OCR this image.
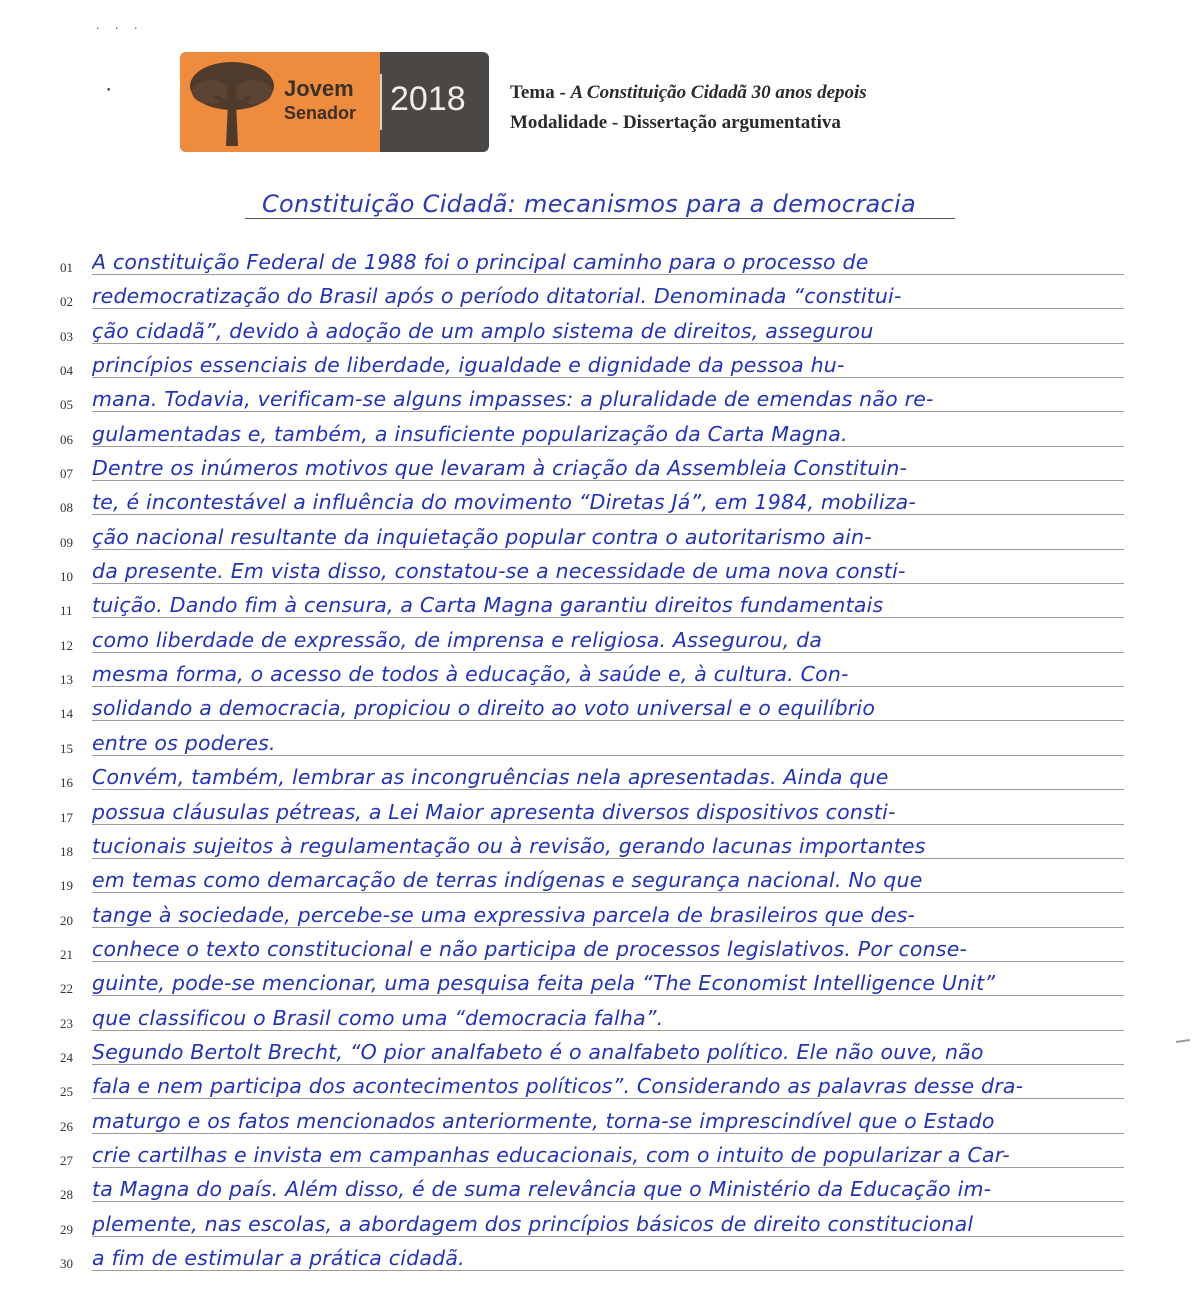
· · ·
•	Jovem
Senador 2018 Tema - A Constituição Cidadã 30 anos depois
Modalidade - Dissertação argumentativa
Constituição Cidadã: mecanismos para a democracia
01 A constituição Federal de 1988 foi o principal caminho para o processo de
02 redemocratização do Brasil após o período ditatorial. Denominada “constitui-
03 ção cidadã”, devido à adoção de um amplo sistema de direitos, assegurou
04 princípios essenciais de liberdade, igualdade e dignidade da pessoa hu-
05 mana. Todavia, verificam-se alguns impasses: a pluralidade de emendas não re-
06 gulamentadas e, também, a insuficiente popularização da Carta Magna.
07 Dentre os inúmeros motivos que levaram à criação da Assembleia Constituin-
08 te, é incontestável a influência do movimento “Diretas Já”, em 1984, mobiliza-
09 ção nacional resultante da inquietação popular contra o autoritarismo ain-
10 da presente. Em vista disso, constatou-se a necessidade de uma nova consti-
11 tuição. Dando fim à censura, a Carta Magna garantiu direitos fundamentais
12 como liberdade de expressão, de imprensa e religiosa. Assegurou, da
13 mesma forma, o acesso de todos à educação, à saúde e, à cultura. Con-
14 solidando a democracia, propiciou o direito ao voto universal e o equilíbrio
15 entre os poderes.
16 Convém, também, lembrar as incongruências nela apresentadas. Ainda que
17 possua cláusulas pétreas, a Lei Maior apresenta diversos dispositivos consti-
18 tucionais sujeitos à regulamentação ou à revisão, gerando lacunas importantes
19 em temas como demarcação de terras indígenas e segurança nacional. No que
20 tange à sociedade, percebe-se uma expressiva parcela de brasileiros que des-
21 conhece o texto constitucional e não participa de processos legislativos. Por conse-
22 guinte, pode-se mencionar, uma pesquisa feita pela “The Economist Intelligence Unit”
23 que classificou o Brasil como uma “democracia falha”.
24 Segundo Bertolt Brecht, “O pior analfabeto é o analfabeto político. Ele não ouve, não
25 fala e nem participa dos acontecimentos políticos”. Considerando as palavras desse dra-
26 maturgo e os fatos mencionados anteriormente, torna-se imprescindível que o Estado
27 crie cartilhas e invista em campanhas educacionais, com o intuito de popularizar a Car-
28 ta Magna do país. Além disso, é de suma relevância que o Ministério da Educação im-
29 plemente, nas escolas, a abordagem dos princípios básicos de direito constitucional
30 a fim de estimular a prática cidadã.
